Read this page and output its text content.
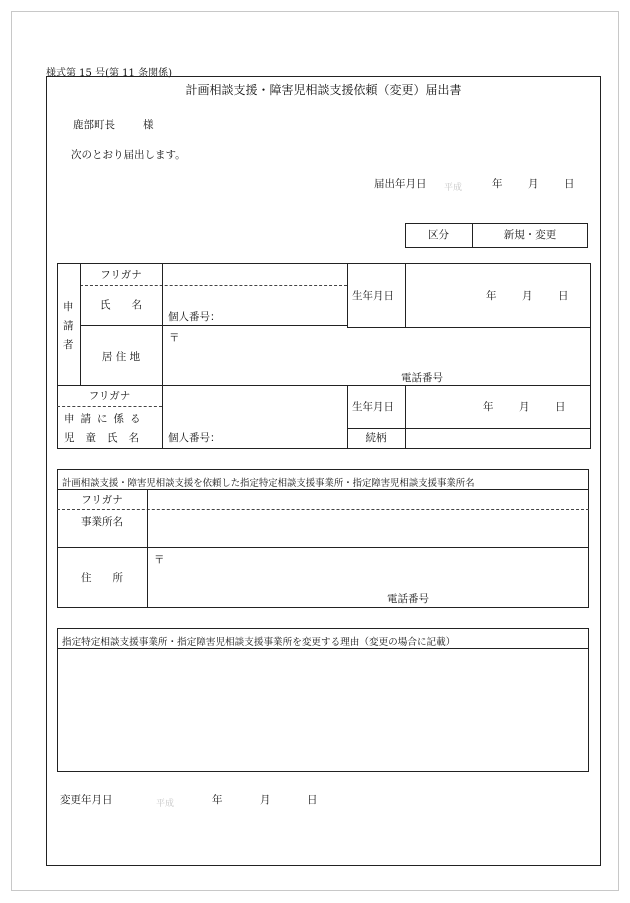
様式第 15 号(第 11 条関係)
計画相談支援・障害児相談支援依頼（変更）届出書
鹿部町長	様
次のとおり届出します。
届出年月日 平成	年 月 日
区分	新規・変更
申請者
フリガナ
氏　　名
個人番号：
生年月日	年 月 日
居 住 地
〒
電話番号
フリガナ
申請に係る
児童氏名 個人番号：
生年月日	年 月 日
続柄
計画相談支援・障害児相談支援を依頼した指定特定相談支援事業所・指定障害児相談支援事業所名
フリガナ
事業所名
住　　所
〒
電話番号
指定特定相談支援事業所・指定障害児相談支援事業所を変更する理由（変更の場合に記載）
変更年月日	平成	年	月	日
